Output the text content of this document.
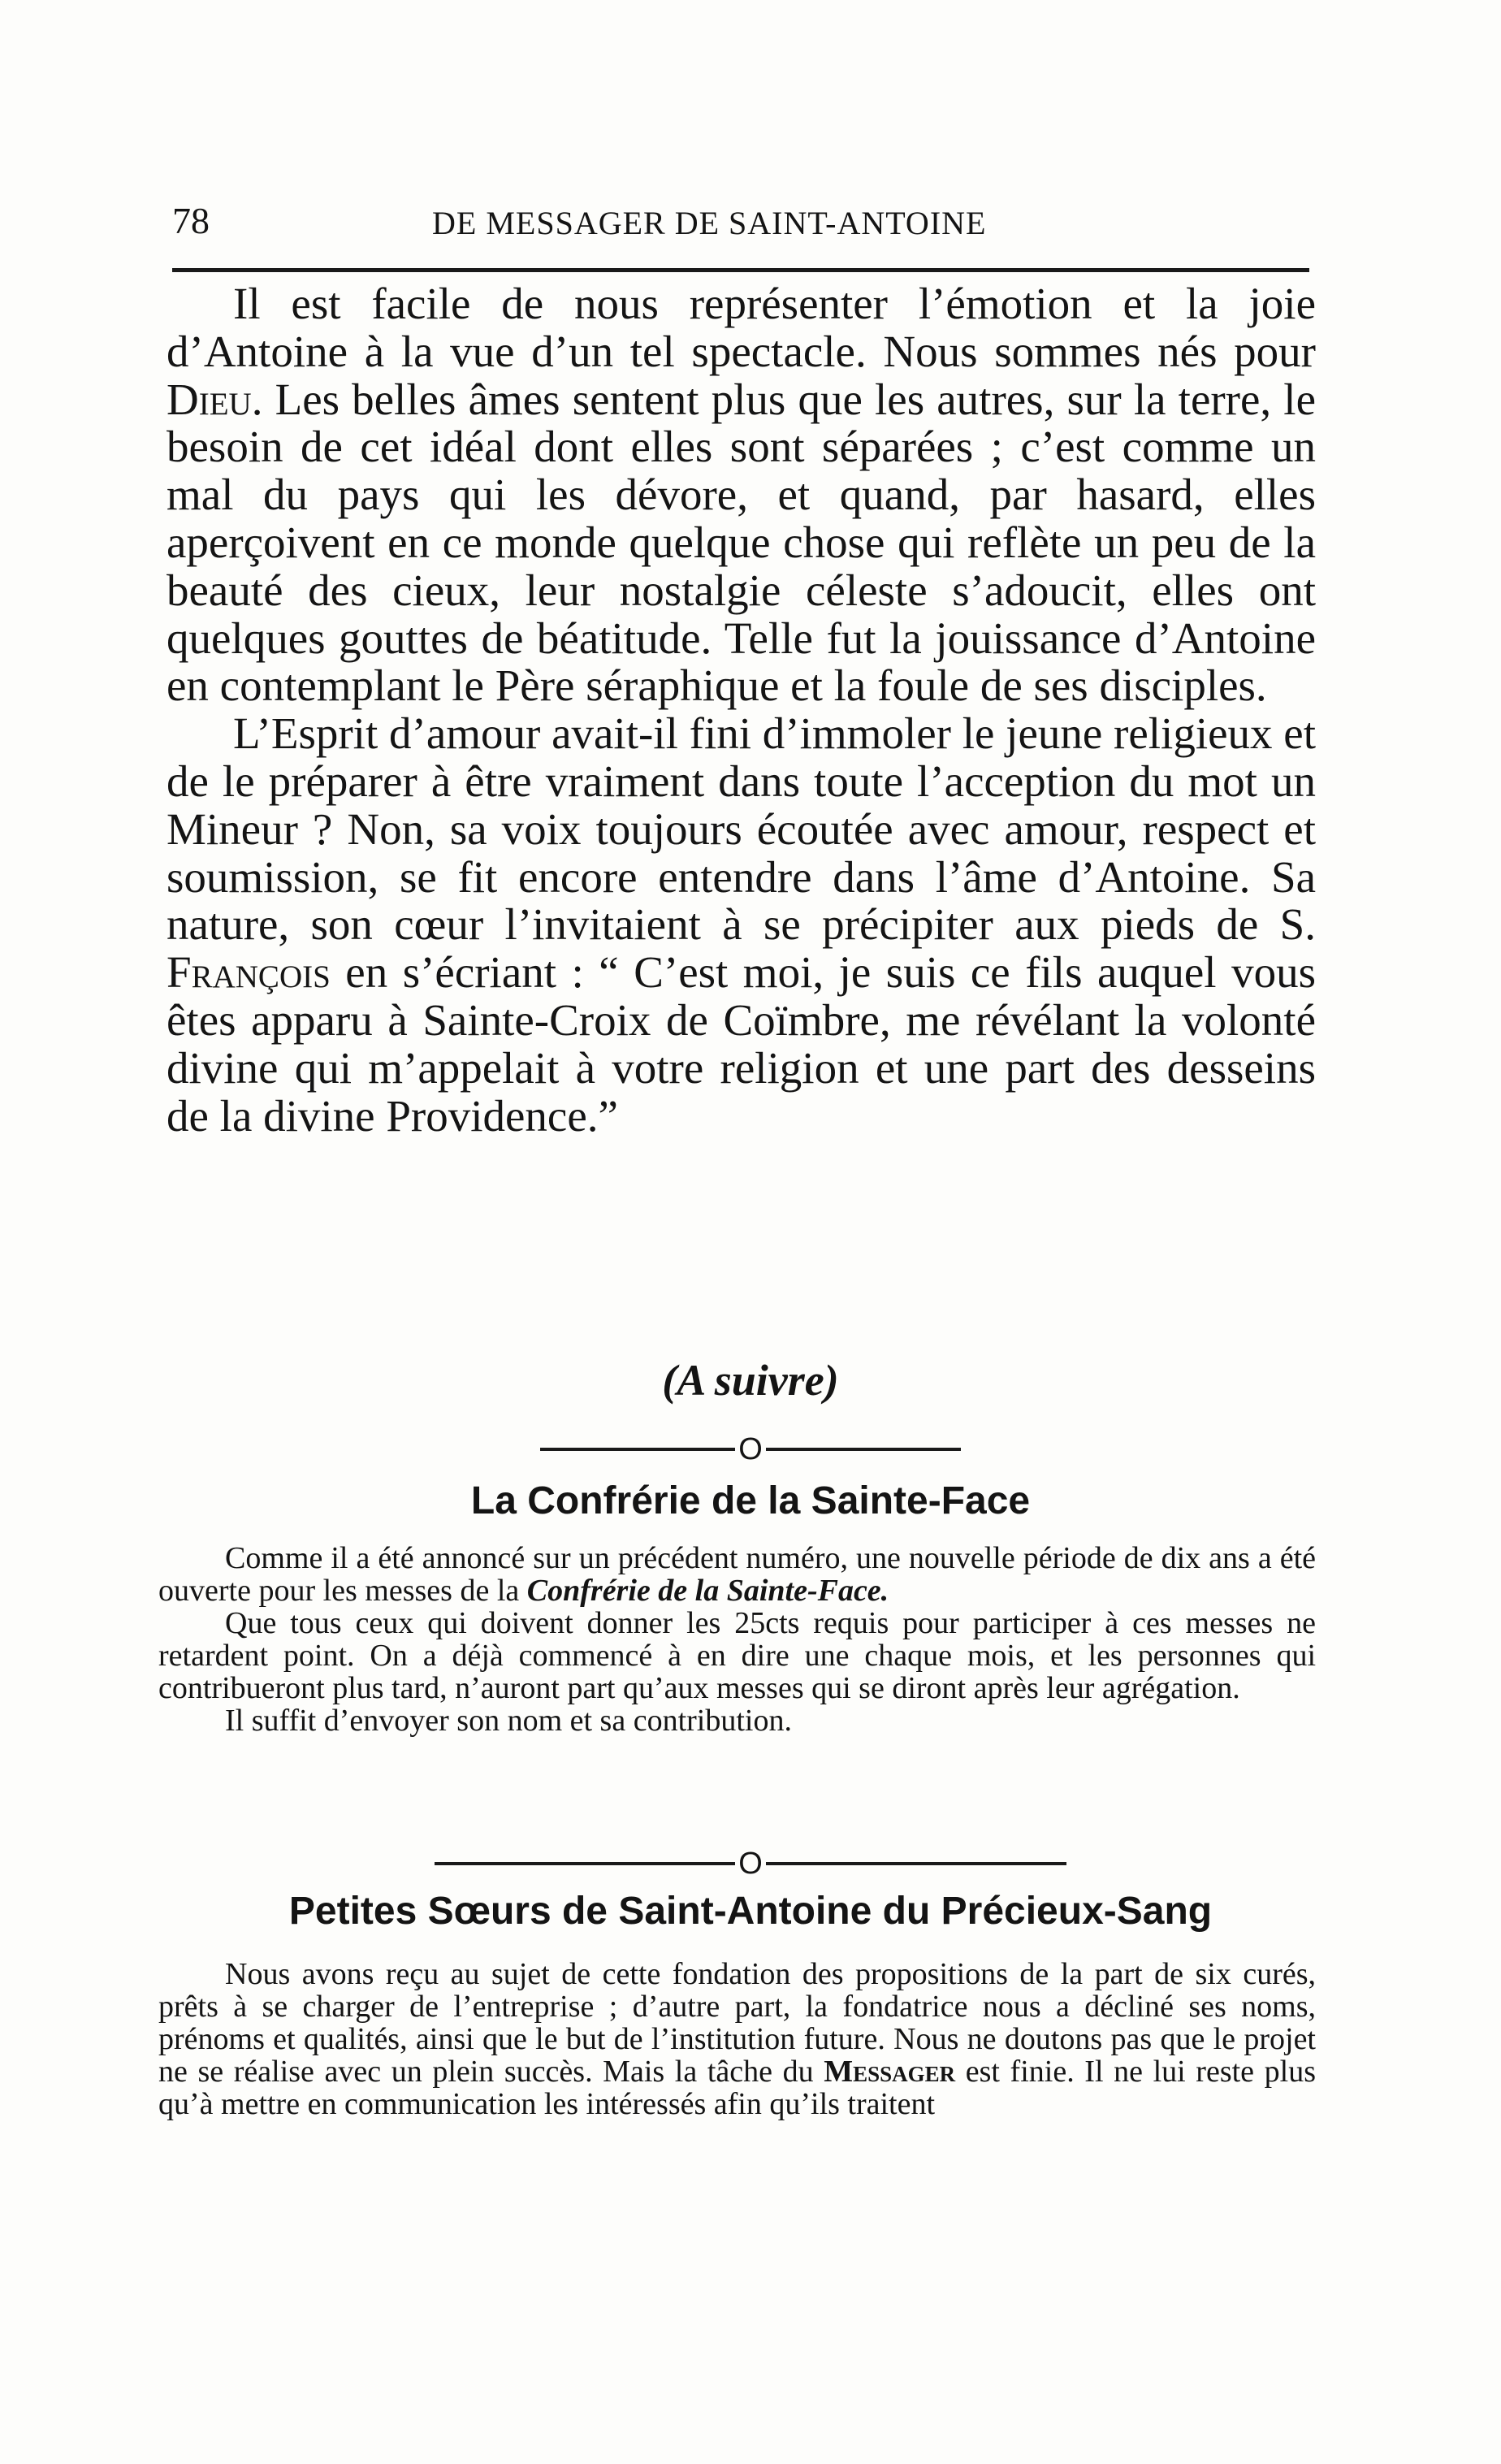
78	DE MESSAGER DE SAINT-ANTOINE

Il est facile de nous représenter l’émotion et la joie d’Antoine à la vue d’un tel spectacle. Nous sommes nés pour Dieu. Les belles âmes sentent plus que les autres, sur la terre, le besoin de cet idéal dont elles sont séparées ; c’est comme un mal du pays qui les dévore, et quand, par hasard, elles aperçoivent en ce monde quelque chose qui reflète un peu de la beauté des cieux, leur nostalgie céleste s’adoucit, elles ont quelques gouttes de béatitude. Telle fut la jouissance d’Antoine en contemplant le Père séraphique et la foule de ses disciples.

L’Esprit d’amour avait-il fini d’immoler le jeune religieux et de le préparer à être vraiment dans toute l’acception du mot un Mineur ? Non, sa voix toujours écoutée avec amour, respect et soumission, se fit encore entendre dans l’âme d’Antoine. Sa nature, son cœur l’invitaient à se précipiter aux pieds de S. François en s’écriant : “ C’est moi, je suis ce fils auquel vous êtes apparu à Sainte-Croix de Coïmbre, me révélant la volonté divine qui m’appelait à votre religion et une part des desseins de la divine Providence.”

(A suivre)
O
La Confrérie de la Sainte-Face

Comme il a été annoncé sur un précédent numéro, une nouvelle période de dix ans a été ouverte pour les messes de la Confrérie de la Sainte-Face.

Que tous ceux qui doivent donner les 25cts requis pour participer à ces messes ne retardent point. On a déjà commencé à en dire une chaque mois, et les personnes qui contribueront plus tard, n’auront part qu’aux messes qui se diront après leur agrégation.

Il suffit d’envoyer son nom et sa contribution.

O
Petites Sœurs de Saint-Antoine du Précieux-Sang

Nous avons reçu au sujet de cette fondation des propositions de la part de six curés, prêts à se charger de l’entreprise ; d’autre part, la fondatrice nous a décliné ses noms, prénoms et qualités, ainsi que le but de l’institution future. Nous ne doutons pas que le projet ne se réalise avec un plein succès. Mais la tâche du Messager est finie. Il ne lui reste plus qu’à mettre en communication les intéressés afin qu’ils traitent
